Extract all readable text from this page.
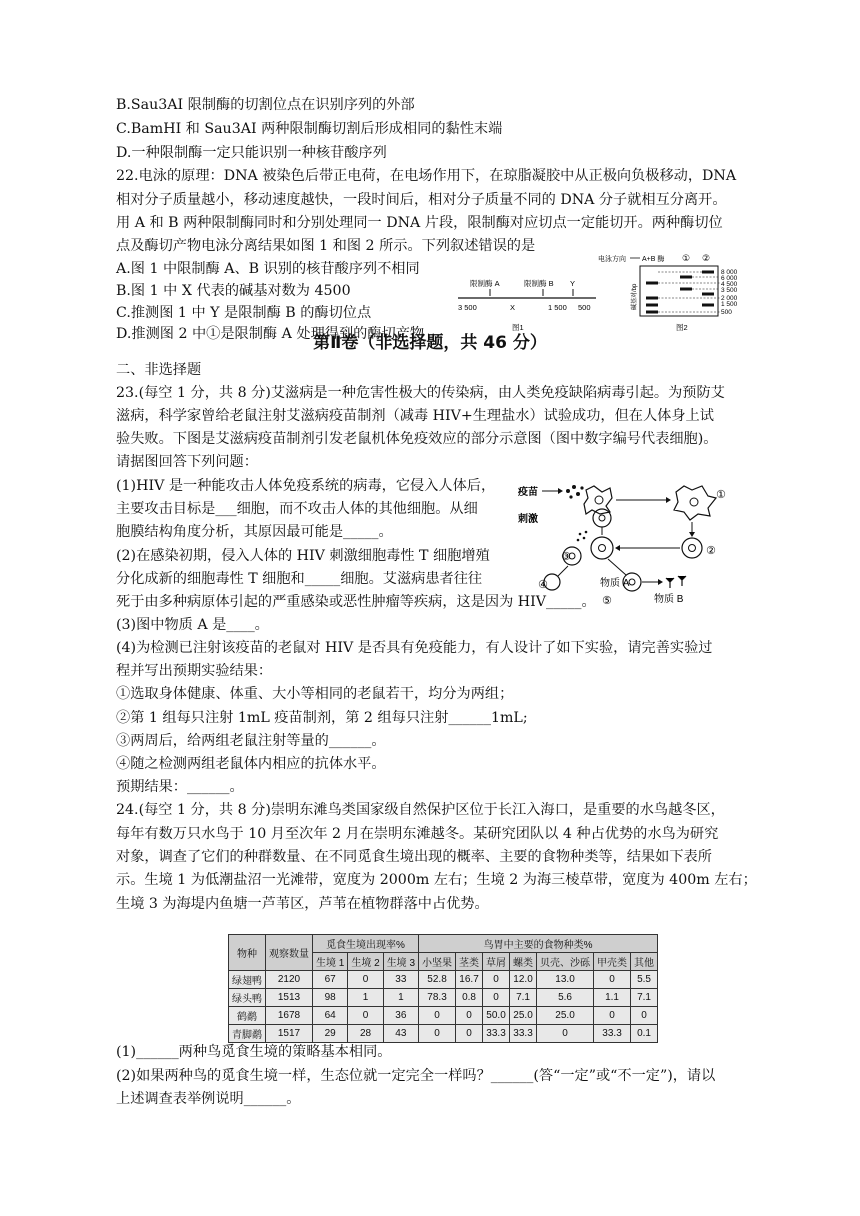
B.Sau3AI 限制酶的切割位点在识别序列的外部
C.BamHI 和 Sau3AI 两种限制酶切割后形成相同的黏性末端
D.一种限制酶一定只能识别一种核苷酸序列
22.电泳的原理：DNA 被染色后带正电荷，在电场作用下，在琼脂凝胶中从正极向负极移动，DNA
相对分子质量越小，移动速度越快，一段时间后，相对分子质量不同的 DNA 分子就相互分离开。
用 A 和 B 两种限制酶同时和分别处理同一 DNA 片段，限制酶对应切点一定能切开。两种酶切位
点及酶切产物电泳分离结果如图 1 和图 2 所示。下列叙述错误的是
A.图 1 中限制酶 A、B 识别的核苷酸序列不相同
B.图 1 中 X 代表的碱基对数为 4500
C.推测图 1 中 Y 是限制酶 B 的酶切位点
D.推测图 2 中①是限制酶 A 处理得到的酶切产物
第Ⅱ卷（非选择题，共 46 分）
二、非选择题
23.(每空 1 分，共 8 分)艾滋病是一种危害性极大的传染病，由人类免疫缺陷病毒引起。为预防艾
滋病，科学家曾给老鼠注射艾滋病疫苗制剂（减毒 HIV+生理盐水）试验成功，但在人体身上试
验失败。下图是艾滋病疫苗制剂引发老鼠机体免疫效应的部分示意图（图中数字编号代表细胞)。
请据图回答下列问题：
(1)HIV 是一种能攻击人体免疫系统的病毒，它侵入人体后，
主要攻击目标是___细胞，而不攻击人体的其他细胞。从细
胞膜结构角度分析，其原因最可能是_____。
(2)在感染初期，侵入人体的 HIV 刺激细胞毒性 T 细胞增殖
分化成新的细胞毒性 T 细胞和_____细胞。艾滋病患者往往
死于由多种病原体引起的严重感染或恶性肿瘤等疾病，这是因为 HIV_____。
(3)图中物质 A 是____。
(4)为检测已注射该疫苗的老鼠对 HIV 是否具有免疫能力，有人设计了如下实验，请完善实验过
程并写出预期实验结果：
①选取身体健康、体重、大小等相同的老鼠若干，均分为两组；
②第 1 组每只注射 1mL 疫苗制剂，第 2 组每只注射______1mL;
③两周后，给两组老鼠注射等量的______。
④随之检测两组老鼠体内相应的抗体水平。
预期结果：______。
24.(每空 1 分，共 8 分)崇明东滩鸟类国家级自然保护区位于长江入海口，是重要的水鸟越冬区，
每年有数万只水鸟于 10 月至次年 2 月在崇明东滩越冬。某研究团队以 4 种占优势的水鸟为研究
对象，调查了它们的种群数量、在不同觅食生境出现的概率、主要的食物种类等，结果如下表所
示。生境 1 为低潮盐沼一光滩带，宽度为 2000m 左右；生境 2 为海三棱草带，宽度为 400m 左右；
生境 3 为海堤内鱼塘一芦苇区，芦苇在植物群落中占优势。
(1)______两种鸟觅食生境的策略基本相同。
(2)如果两种鸟的觅食生境一样，生态位就一定完全一样吗？______(答“一定”或“不一定”)，请以
上述调查表举例说明______。
限制酶 A	限制酶 B Y
3 500	X	1 500 500
图1
电泳方向 A+B 酶 ① ②
碱基对/bp
8 000
6 000
4 500
3 500
2 000
1 500
500
图2
疫苗
刺激
①
②
③
④	物质 A
⑤	物质 B
物种	观察数量	觅食生境出现率%			鸟胃中主要的食物种类%						
		生境 1	生境 2	生境 3	小坚果	茎类	草屑	螺类	贝壳、沙砾	甲壳类	其他
绿翅鸭	2120	67	0	33	52.8	16.7	0	12.0	13.0	0	5.5
绿头鸭	1513	98	1	1	78.3	0.8	0	7.1	5.6	1.1	7.1
鹤鹬	1678	64	0	36	0	0	50.0	25.0	25.0	0	0
青脚鹬	1517	29	28	43	0	0	33.3	33.3	0	33.3	0.1
